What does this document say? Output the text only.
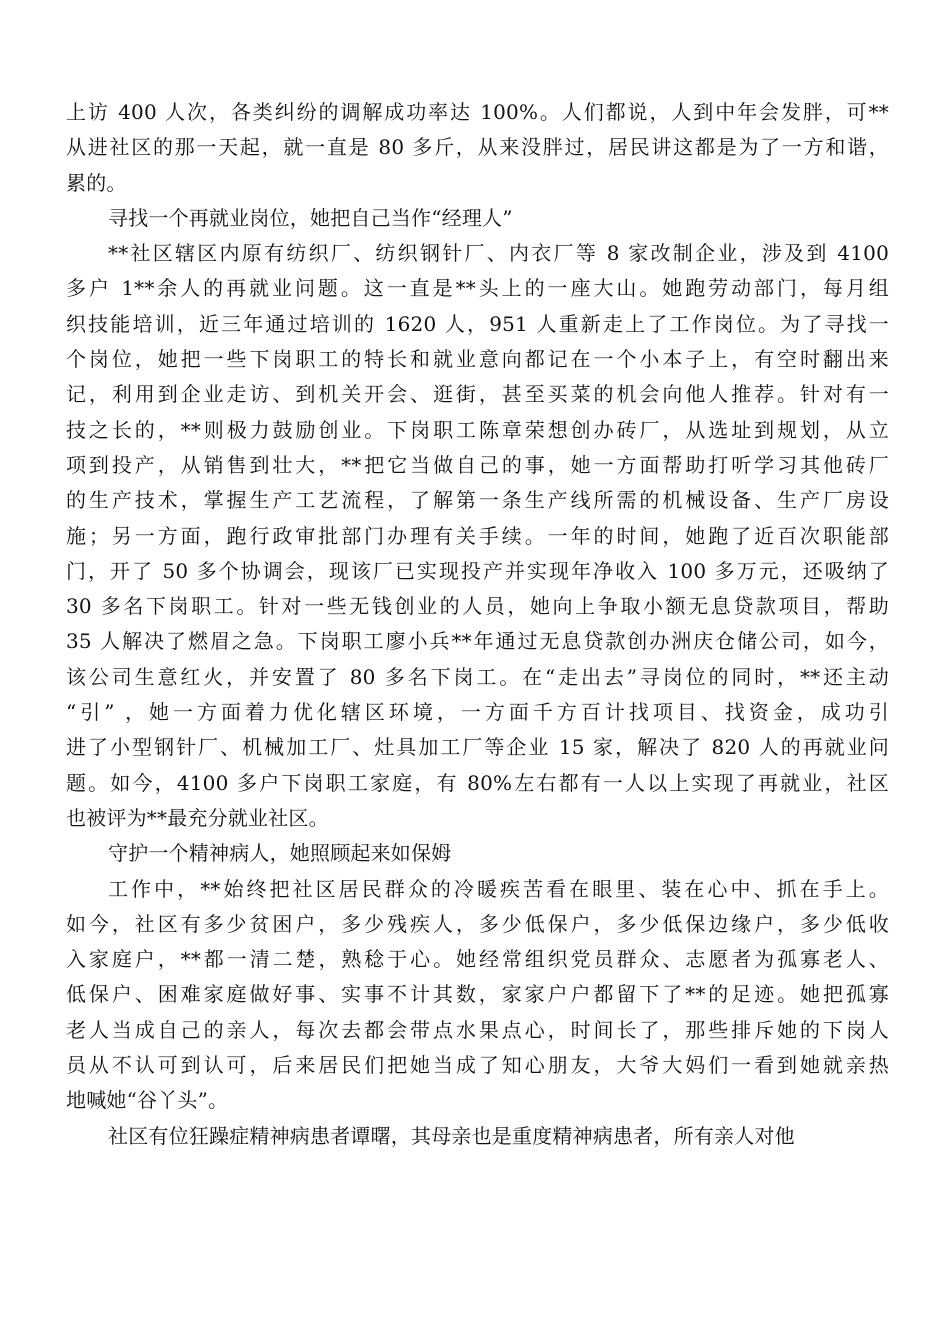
上访 400 人次，各类纠纷的调解成功率达 100%。人们都说，人到中年会发胖，可**
从进社区的那一天起，就一直是 80 多斤，从来没胖过，居民讲这都是为了一方和谐，
累的。
寻找一个再就业岗位，她把自己当作“经理人”
**社区辖区内原有纺织厂、纺织钢针厂、内衣厂等 8 家改制企业，涉及到 4100
多户 1**余人的再就业问题。这一直是**头上的一座大山。她跑劳动部门，每月组
织技能培训，近三年通过培训的 1620 人，951 人重新走上了工作岗位。为了寻找一
个岗位，她把一些下岗职工的特长和就业意向都记在一个小本子上，有空时翻出来
记，利用到企业走访、到机关开会、逛街，甚至买菜的机会向他人推荐。针对有一
技之长的，**则极力鼓励创业。下岗职工陈章荣想创办砖厂，从选址到规划，从立
项到投产，从销售到壮大，**把它当做自己的事，她一方面帮助打听学习其他砖厂
的生产技术，掌握生产工艺流程，了解第一条生产线所需的机械设备、生产厂房设
施；另一方面，跑行政审批部门办理有关手续。一年的时间，她跑了近百次职能部
门，开了 50 多个协调会，现该厂已实现投产并实现年净收入 100 多万元，还吸纳了
30 多名下岗职工。针对一些无钱创业的人员，她向上争取小额无息贷款项目，帮助
35 人解决了燃眉之急。下岗职工廖小兵**年通过无息贷款创办洲庆仓储公司，如今，
该公司生意红火，并安置了 80 多名下岗工。在“走出去”寻岗位的同时，**还主动
“引” ，她一方面着力优化辖区环境，一方面千方百计找项目、找资金，成功引
进了小型钢针厂、机械加工厂、灶具加工厂等企业 15 家，解决了 820 人的再就业问
题。如今，4100 多户下岗职工家庭，有 80%左右都有一人以上实现了再就业，社区
也被评为**最充分就业社区。
守护一个精神病人，她照顾起来如保姆
工作中，**始终把社区居民群众的冷暖疾苦看在眼里、装在心中、抓在手上。
如今，社区有多少贫困户，多少残疾人，多少低保户，多少低保边缘户，多少低收
入家庭户，**都一清二楚，熟稔于心。她经常组织党员群众、志愿者为孤寡老人、
低保户、困难家庭做好事、实事不计其数，家家户户都留下了**的足迹。她把孤寡
老人当成自己的亲人，每次去都会带点水果点心，时间长了，那些排斥她的下岗人
员从不认可到认可，后来居民们把她当成了知心朋友，大爷大妈们一看到她就亲热
地喊她“谷丫头”。
社区有位狂躁症精神病患者谭曙，其母亲也是重度精神病患者，所有亲人对他
